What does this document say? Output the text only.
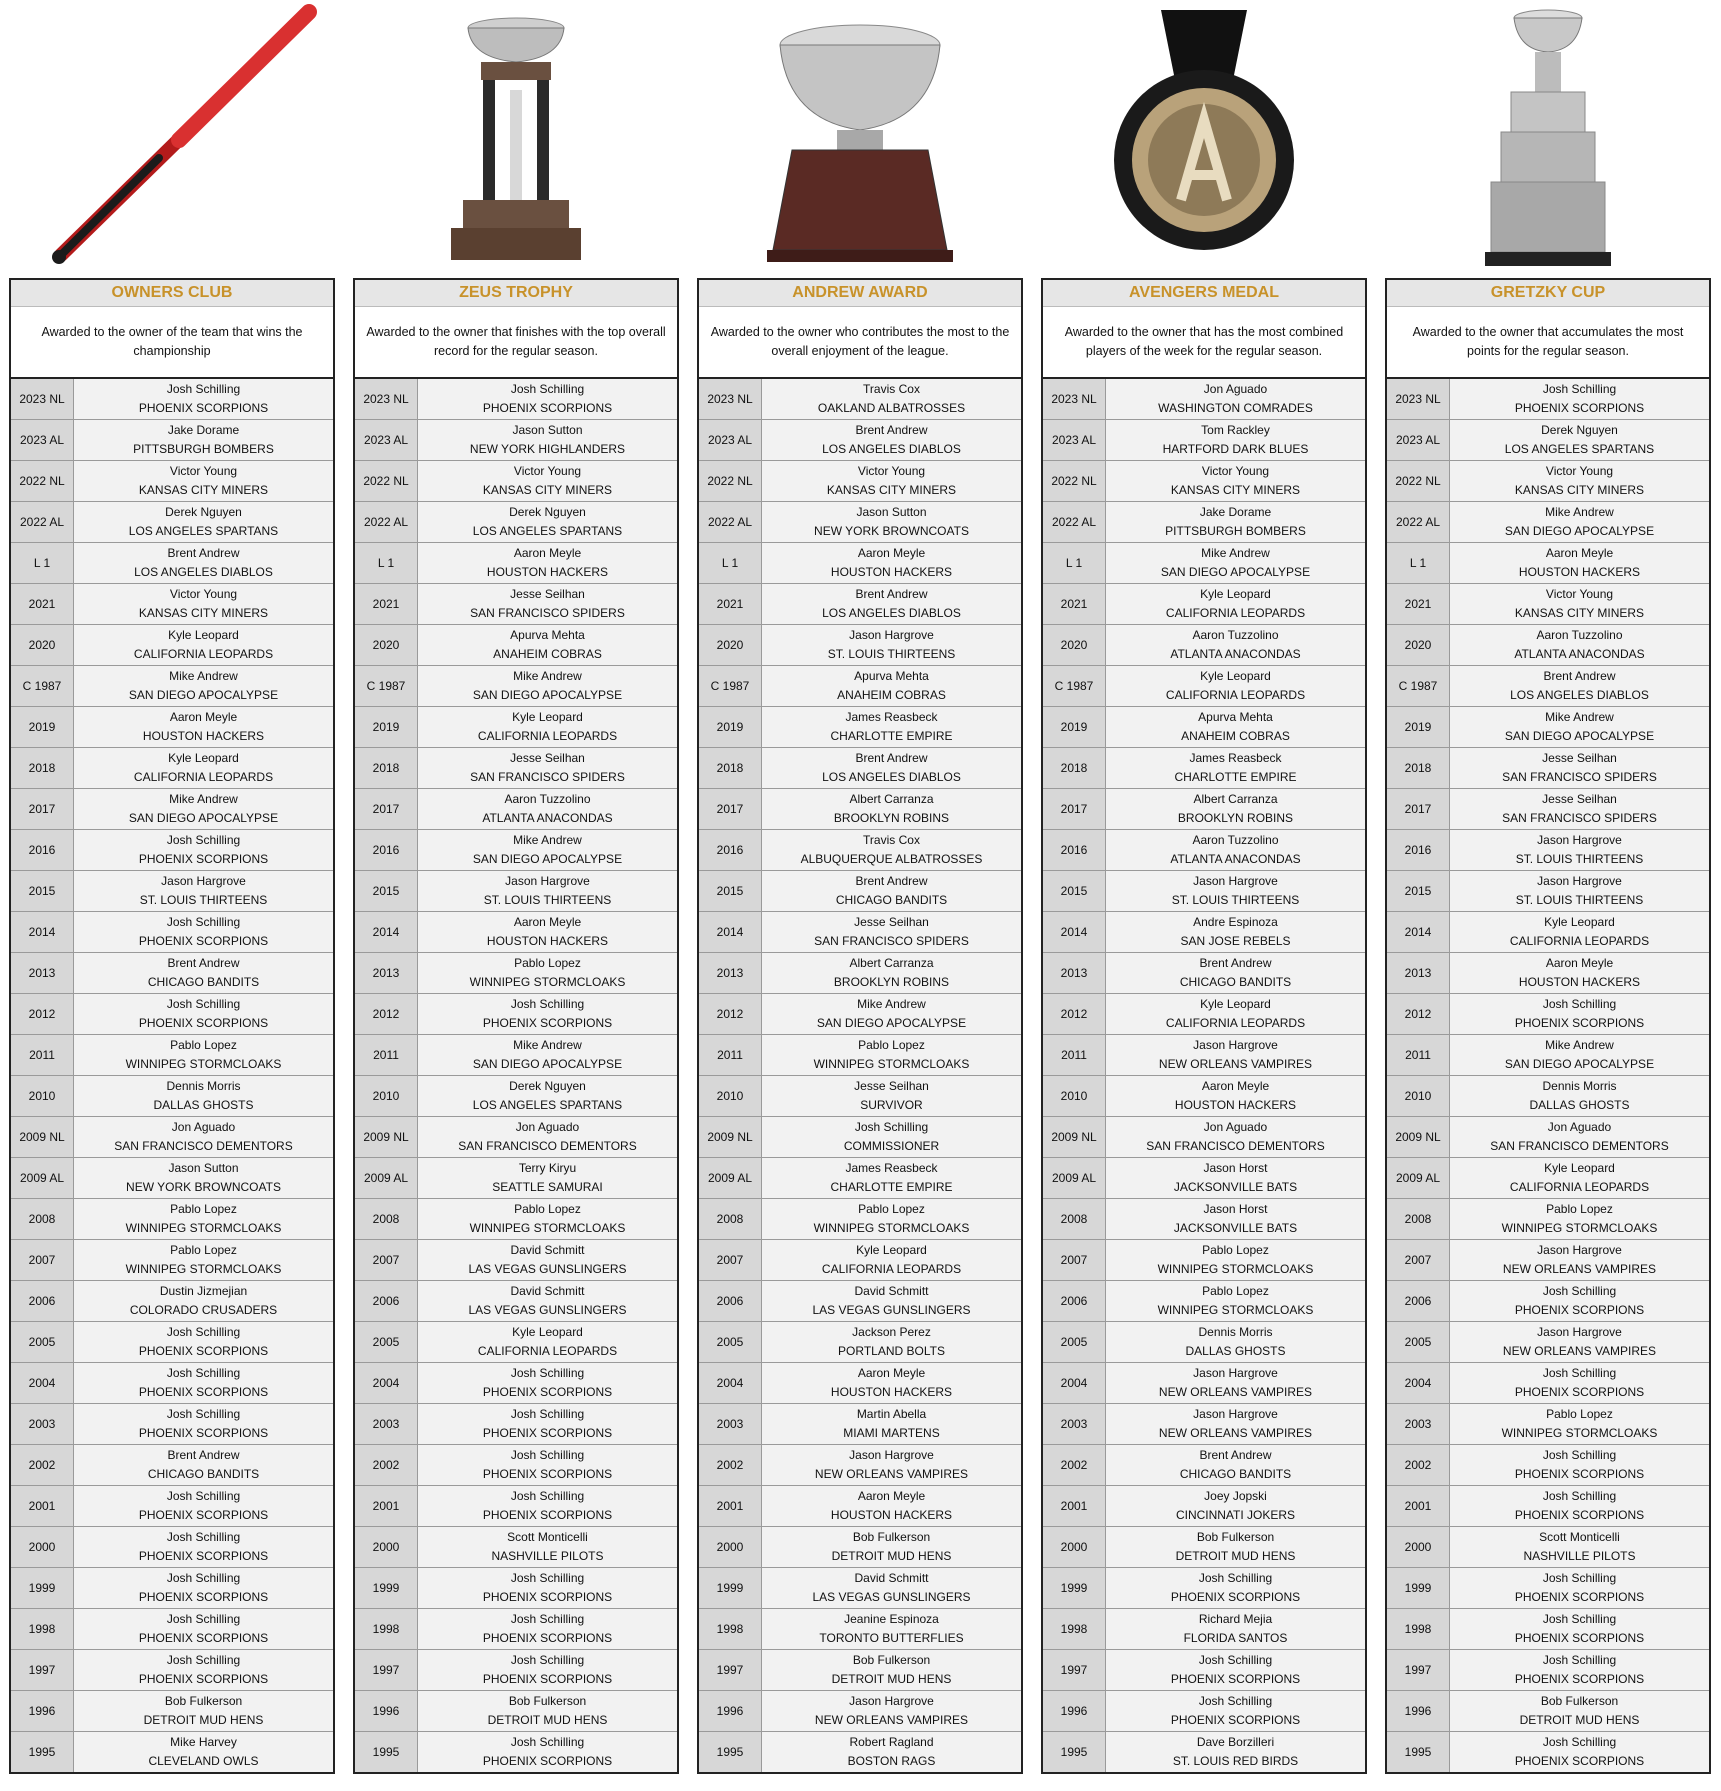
OWNERS CLUB
Awarded to the owner of the team that wins the championship
2023 NL
Josh Schilling
PHOENIX SCORPIONS
2023 AL
Jake Dorame
PITTSBURGH BOMBERS
2022 NL
Victor Young
KANSAS CITY MINERS
2022 AL
Derek Nguyen
LOS ANGELES SPARTANS
L 1
Brent Andrew
LOS ANGELES DIABLOS
2021
Victor Young
KANSAS CITY MINERS
2020
Kyle Leopard
CALIFORNIA LEOPARDS
C 1987
Mike Andrew
SAN DIEGO APOCALYPSE
2019
Aaron Meyle
HOUSTON HACKERS
2018
Kyle Leopard
CALIFORNIA LEOPARDS
2017
Mike Andrew
SAN DIEGO APOCALYPSE
2016
Josh Schilling
PHOENIX SCORPIONS
2015
Jason Hargrove
ST. LOUIS THIRTEENS
2014
Josh Schilling
PHOENIX SCORPIONS
2013
Brent Andrew
CHICAGO BANDITS
2012
Josh Schilling
PHOENIX SCORPIONS
2011
Pablo Lopez
WINNIPEG STORMCLOAKS
2010
Dennis Morris
DALLAS GHOSTS
2009 NL
Jon Aguado
SAN FRANCISCO DEMENTORS
2009 AL
Jason Sutton
NEW YORK BROWNCOATS
2008
Pablo Lopez
WINNIPEG STORMCLOAKS
2007
Pablo Lopez
WINNIPEG STORMCLOAKS
2006
Dustin Jizmejian
COLORADO CRUSADERS
2005
Josh Schilling
PHOENIX SCORPIONS
2004
Josh Schilling
PHOENIX SCORPIONS
2003
Josh Schilling
PHOENIX SCORPIONS
2002
Brent Andrew
CHICAGO BANDITS
2001
Josh Schilling
PHOENIX SCORPIONS
2000
Josh Schilling
PHOENIX SCORPIONS
1999
Josh Schilling
PHOENIX SCORPIONS
1998
Josh Schilling
PHOENIX SCORPIONS
1997
Josh Schilling
PHOENIX SCORPIONS
1996
Bob Fulkerson
DETROIT MUD HENS
1995
Mike Harvey
CLEVELAND OWLS
ZEUS TROPHY
Awarded to the owner that finishes with the top overall record for the regular season.
2023 NL
Josh Schilling
PHOENIX SCORPIONS
2023 AL
Jason Sutton
NEW YORK HIGHLANDERS
2022 NL
Victor Young
KANSAS CITY MINERS
2022 AL
Derek Nguyen
LOS ANGELES SPARTANS
L 1
Aaron Meyle
HOUSTON HACKERS
2021
Jesse Seilhan
SAN FRANCISCO SPIDERS
2020
Apurva Mehta
ANAHEIM COBRAS
C 1987
Mike Andrew
SAN DIEGO APOCALYPSE
2019
Kyle Leopard
CALIFORNIA LEOPARDS
2018
Jesse Seilhan
SAN FRANCISCO SPIDERS
2017
Aaron Tuzzolino
ATLANTA ANACONDAS
2016
Mike Andrew
SAN DIEGO APOCALYPSE
2015
Jason Hargrove
ST. LOUIS THIRTEENS
2014
Aaron Meyle
HOUSTON HACKERS
2013
Pablo Lopez
WINNIPEG STORMCLOAKS
2012
Josh Schilling
PHOENIX SCORPIONS
2011
Mike Andrew
SAN DIEGO APOCALYPSE
2010
Derek Nguyen
LOS ANGELES SPARTANS
2009 NL
Jon Aguado
SAN FRANCISCO DEMENTORS
2009 AL
Terry Kiryu
SEATTLE SAMURAI
2008
Pablo Lopez
WINNIPEG STORMCLOAKS
2007
David Schmitt
LAS VEGAS GUNSLINGERS
2006
David Schmitt
LAS VEGAS GUNSLINGERS
2005
Kyle Leopard
CALIFORNIA LEOPARDS
2004
Josh Schilling
PHOENIX SCORPIONS
2003
Josh Schilling
PHOENIX SCORPIONS
2002
Josh Schilling
PHOENIX SCORPIONS
2001
Josh Schilling
PHOENIX SCORPIONS
2000
Scott Monticelli
NASHVILLE PILOTS
1999
Josh Schilling
PHOENIX SCORPIONS
1998
Josh Schilling
PHOENIX SCORPIONS
1997
Josh Schilling
PHOENIX SCORPIONS
1996
Bob Fulkerson
DETROIT MUD HENS
1995
Josh Schilling
PHOENIX SCORPIONS
ANDREW AWARD
Awarded to the owner who contributes the most to the overall enjoyment of the league.
2023 NL
Travis Cox
OAKLAND ALBATROSSES
2023 AL
Brent Andrew
LOS ANGELES DIABLOS
2022 NL
Victor Young
KANSAS CITY MINERS
2022 AL
Jason Sutton
NEW YORK BROWNCOATS
L 1
Aaron Meyle
HOUSTON HACKERS
2021
Brent Andrew
LOS ANGELES DIABLOS
2020
Jason Hargrove
ST. LOUIS THIRTEENS
C 1987
Apurva Mehta
ANAHEIM COBRAS
2019
James Reasbeck
CHARLOTTE EMPIRE
2018
Brent Andrew
LOS ANGELES DIABLOS
2017
Albert Carranza
BROOKLYN ROBINS
2016
Travis Cox
ALBUQUERQUE ALBATROSSES
2015
Brent Andrew
CHICAGO BANDITS
2014
Jesse Seilhan
SAN FRANCISCO SPIDERS
2013
Albert Carranza
BROOKLYN ROBINS
2012
Mike Andrew
SAN DIEGO APOCALYPSE
2011
Pablo Lopez
WINNIPEG STORMCLOAKS
2010
Jesse Seilhan
SURVIVOR
2009 NL
Josh Schilling
COMMISSIONER
2009 AL
James Reasbeck
CHARLOTTE EMPIRE
2008
Pablo Lopez
WINNIPEG STORMCLOAKS
2007
Kyle Leopard
CALIFORNIA LEOPARDS
2006
David Schmitt
LAS VEGAS GUNSLINGERS
2005
Jackson Perez
PORTLAND BOLTS
2004
Aaron Meyle
HOUSTON HACKERS
2003
Martin Abella
MIAMI MARTENS
2002
Jason Hargrove
NEW ORLEANS VAMPIRES
2001
Aaron Meyle
HOUSTON HACKERS
2000
Bob Fulkerson
DETROIT MUD HENS
1999
David Schmitt
LAS VEGAS GUNSLINGERS
1998
Jeanine Espinoza
TORONTO BUTTERFLIES
1997
Bob Fulkerson
DETROIT MUD HENS
1996
Jason Hargrove
NEW ORLEANS VAMPIRES
1995
Robert Ragland
BOSTON RAGS
AVENGERS MEDAL
Awarded to the owner that has the most combined players of the week for the regular season.
2023 NL
Jon Aguado
WASHINGTON COMRADES
2023 AL
Tom Rackley
HARTFORD DARK BLUES
2022 NL
Victor Young
KANSAS CITY MINERS
2022 AL
Jake Dorame
PITTSBURGH BOMBERS
L 1
Mike Andrew
SAN DIEGO APOCALYPSE
2021
Kyle Leopard
CALIFORNIA LEOPARDS
2020
Aaron Tuzzolino
ATLANTA ANACONDAS
C 1987
Kyle Leopard
CALIFORNIA LEOPARDS
2019
Apurva Mehta
ANAHEIM COBRAS
2018
James Reasbeck
CHARLOTTE EMPIRE
2017
Albert Carranza
BROOKLYN ROBINS
2016
Aaron Tuzzolino
ATLANTA ANACONDAS
2015
Jason Hargrove
ST. LOUIS THIRTEENS
2014
Andre Espinoza
SAN JOSE REBELS
2013
Brent Andrew
CHICAGO BANDITS
2012
Kyle Leopard
CALIFORNIA LEOPARDS
2011
Jason Hargrove
NEW ORLEANS VAMPIRES
2010
Aaron Meyle
HOUSTON HACKERS
2009 NL
Jon Aguado
SAN FRANCISCO DEMENTORS
2009 AL
Jason Horst
JACKSONVILLE BATS
2008
Jason Horst
JACKSONVILLE BATS
2007
Pablo Lopez
WINNIPEG STORMCLOAKS
2006
Pablo Lopez
WINNIPEG STORMCLOAKS
2005
Dennis Morris
DALLAS GHOSTS
2004
Jason Hargrove
NEW ORLEANS VAMPIRES
2003
Jason Hargrove
NEW ORLEANS VAMPIRES
2002
Brent Andrew
CHICAGO BANDITS
2001
Joey Jopski
CINCINNATI JOKERS
2000
Bob Fulkerson
DETROIT MUD HENS
1999
Josh Schilling
PHOENIX SCORPIONS
1998
Richard Mejia
FLORIDA SANTOS
1997
Josh Schilling
PHOENIX SCORPIONS
1996
Josh Schilling
PHOENIX SCORPIONS
1995
Dave Borzilleri
ST. LOUIS RED BIRDS
GRETZKY CUP
Awarded to the owner that accumulates the most points for the regular season.
2023 NL
Josh Schilling
PHOENIX SCORPIONS
2023 AL
Derek Nguyen
LOS ANGELES SPARTANS
2022 NL
Victor Young
KANSAS CITY MINERS
2022 AL
Mike Andrew
SAN DIEGO APOCALYPSE
L 1
Aaron Meyle
HOUSTON HACKERS
2021
Victor Young
KANSAS CITY MINERS
2020
Aaron Tuzzolino
ATLANTA ANACONDAS
C 1987
Brent Andrew
LOS ANGELES DIABLOS
2019
Mike Andrew
SAN DIEGO APOCALYPSE
2018
Jesse Seilhan
SAN FRANCISCO SPIDERS
2017
Jesse Seilhan
SAN FRANCISCO SPIDERS
2016
Jason Hargrove
ST. LOUIS THIRTEENS
2015
Jason Hargrove
ST. LOUIS THIRTEENS
2014
Kyle Leopard
CALIFORNIA LEOPARDS
2013
Aaron Meyle
HOUSTON HACKERS
2012
Josh Schilling
PHOENIX SCORPIONS
2011
Mike Andrew
SAN DIEGO APOCALYPSE
2010
Dennis Morris
DALLAS GHOSTS
2009 NL
Jon Aguado
SAN FRANCISCO DEMENTORS
2009 AL
Kyle Leopard
CALIFORNIA LEOPARDS
2008
Pablo Lopez
WINNIPEG STORMCLOAKS
2007
Jason Hargrove
NEW ORLEANS VAMPIRES
2006
Josh Schilling
PHOENIX SCORPIONS
2005
Jason Hargrove
NEW ORLEANS VAMPIRES
2004
Josh Schilling
PHOENIX SCORPIONS
2003
Pablo Lopez
WINNIPEG STORMCLOAKS
2002
Josh Schilling
PHOENIX SCORPIONS
2001
Josh Schilling
PHOENIX SCORPIONS
2000
Scott Monticelli
NASHVILLE PILOTS
1999
Josh Schilling
PHOENIX SCORPIONS
1998
Josh Schilling
PHOENIX SCORPIONS
1997
Josh Schilling
PHOENIX SCORPIONS
1996
Bob Fulkerson
DETROIT MUD HENS
1995
Josh Schilling
PHOENIX SCORPIONS
